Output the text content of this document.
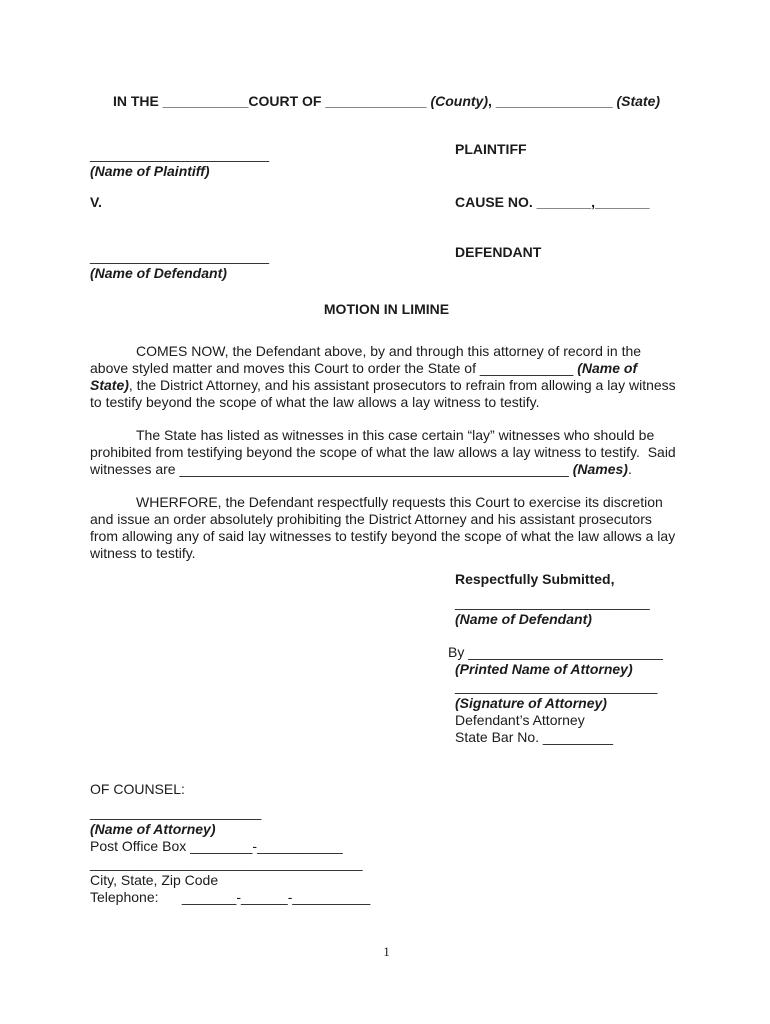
IN THE ___________COURT OF _____________ (County), _______________ (State)
_______________________
(Name of Plaintiff)
PLAINTIFF
V.	CAUSE NO. _______,_______
_______________________
(Name of Defendant)
DEFENDANT
MOTION IN LIMINE

COMES NOW, the Defendant above, by and through this attorney of record in the above styled matter and moves this Court to order the State of ____________ (Name of State), the District Attorney, and his assistant prosecutors to refrain from allowing a lay witness to testify beyond the scope of what the law allows a lay witness to testify.

The State has listed as witnesses in this case certain “lay” witnesses who should be prohibited from testifying beyond the scope of what the law allows a lay witness to testify.  Said witnesses are __________________________________________________ (Names).

WHERFORE, the Defendant respectfully requests this Court to exercise its discretion and issue an order absolutely prohibiting the District Attorney and his assistant prosecutors from allowing any of said lay witnesses to testify beyond the scope of what the law allows a lay witness to testify.

Respectfully Submitted,
_________________________
(Name of Defendant)
By _________________________
(Printed Name of Attorney)
__________________________
(Signature of Attorney)
Defendant’s Attorney
State Bar No. _________
OF COUNSEL:
______________________
(Name of Attorney)
Post Office Box ________-___________
___________________________________
City, State, Zip Code
Telephone:      _______-______-__________
1
